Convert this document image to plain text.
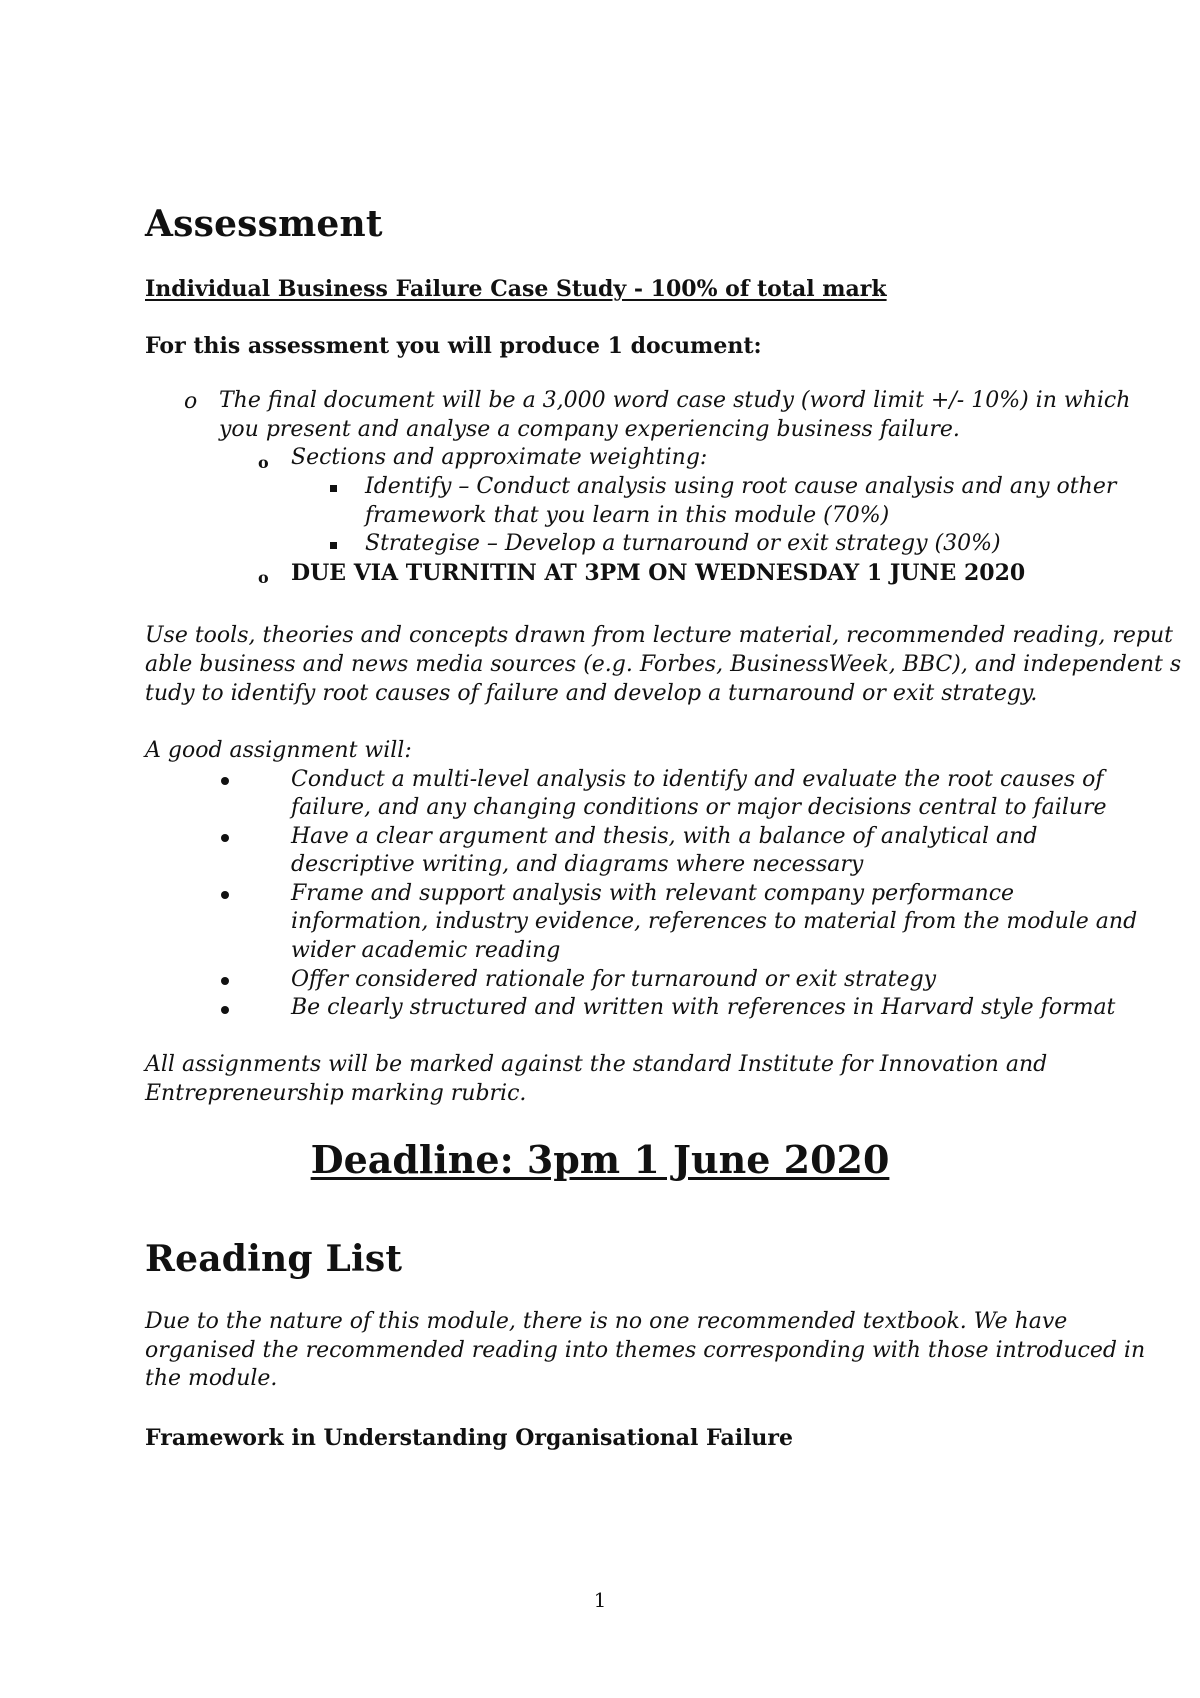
Assessment
Individual Business Failure Case Study - 100% of total mark
For this assessment you will produce 1 document:
o The final document will be a 3,000 word case study (word limit +/- 10%) in which
you present and analyse a company experiencing business failure.
o Sections and approximate weighting:
Identify – Conduct analysis using root cause analysis and any other
framework that you learn in this module (70%)
Strategise – Develop a turnaround or exit strategy (30%)
o DUE VIA TURNITIN AT 3PM ON WEDNESDAY 1 JUNE 2020
Use tools, theories and concepts drawn from lecture material, recommended reading, reput
able business and news media sources (e.g. Forbes, BusinessWeek, BBC), and independent s
tudy to identify root causes of failure and develop a turnaround or exit strategy.
A good assignment will:
Conduct a multi-level analysis to identify and evaluate the root causes of
failure, and any changing conditions or major decisions central to failure
Have a clear argument and thesis, with a balance of analytical and
descriptive writing, and diagrams where necessary
Frame and support analysis with relevant company performance
information, industry evidence, references to material from the module and
wider academic reading
Offer considered rationale for turnaround or exit strategy
Be clearly structured and written with references in Harvard style format
All assignments will be marked against the standard Institute for Innovation and
Entrepreneurship marking rubric.
Deadline: 3pm 1 June 2020
Reading List
Due to the nature of this module, there is no one recommended textbook. We have
organised the recommended reading into themes corresponding with those introduced in
the module.
Framework in Understanding Organisational Failure
1
